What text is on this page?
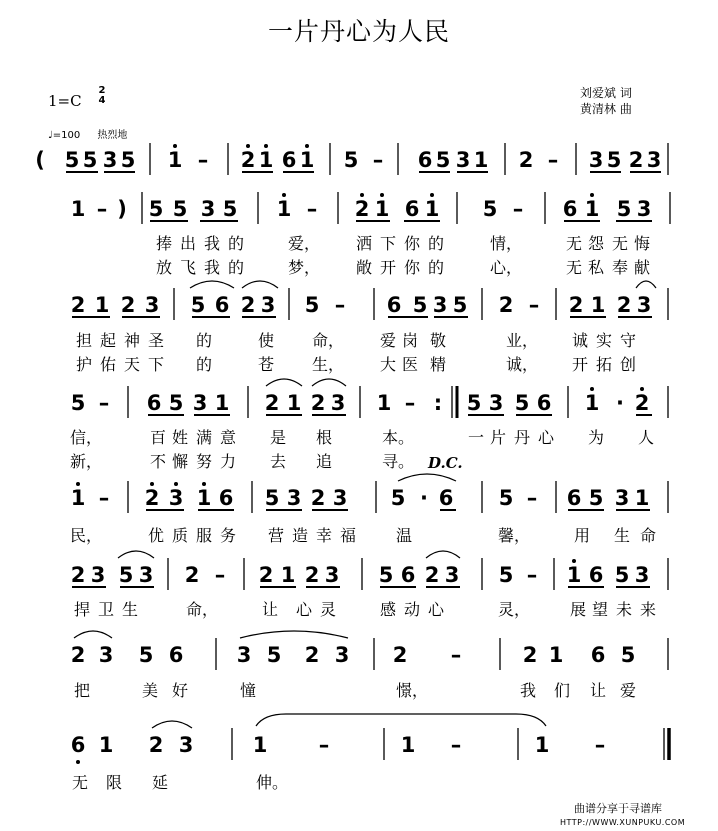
一片丹心为人民
1=C
2
4
♩=100 热烈地
刘爱斌 词
黄清林 曲
( 5 5 3 5 1 – 2 1 6 1 5 – 6 5 3 1 2 – 3 5 2 3
1 – ) 5 5 3 5 1 – 2 1 6 1 5 – 6 1 5 3
捧 出 我 的	爱， 洒 下 你 的	情，	无 怨 无 悔
放 飞 我 的	梦， 敞 开 你 的	心，	无 私 奉 献
2 1 2 3 5 6 2 3 5 – 6 5 3 5 2 – 2 1 2 3
担 起 神 圣 的	使 命， 爱 岗 敬	业， 诚 实 守
护 佑 天 下 的	苍 生， 大 医 精	诚， 开 拓 创
5 – 6 5 3 1 2 1 2 3 1 – : 5 3 5 6 1 · 2
信，	百 姓 满 意 是 根	本。	一 片 丹 心 为 人
新，	不 懈 努 力 去 追	寻。
1 – 2 3 1 6 5 3 2 3 5 · 6 5 – 6 5 3 1
民，	优 质 服 务 营 造 幸 福 温	馨，	用 生 命
2 3 5 3 2 – 2 1 2 3 5 6 2 3 5 – 1 6 5 3
捍 卫 生	命，	让 心 灵	感 动 心	灵， 展 望 未 来
2 3 5 6	3 5 2 3 2 –	2 1 6 5
把	美 好	憧	憬，	我 们 让 爱
6 1 2 3	1 –	1 –	1 –
无 限 延	伸。
D.C.
曲谱分享于寻谱库
HTTP://WWW.XUNPUKU.COM
